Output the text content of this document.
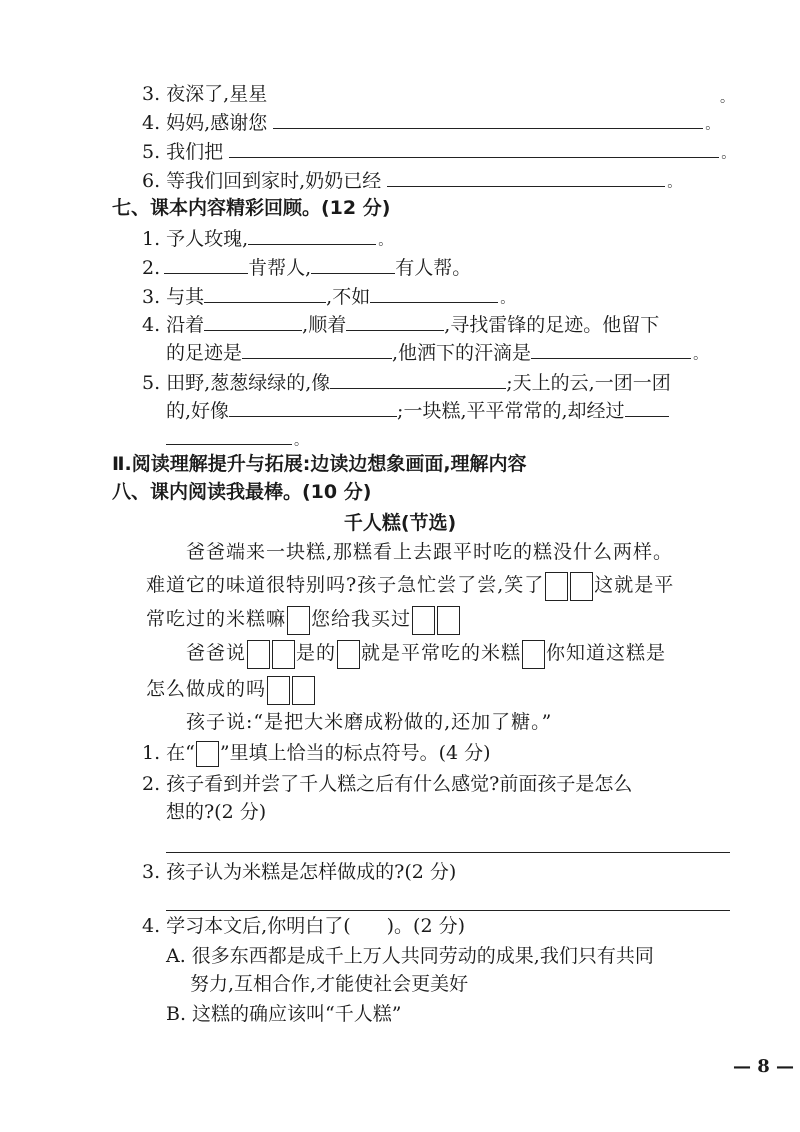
3. 夜深了,星星	。
4. 妈妈,感谢您	。
5. 我们把	。
6. 等我们回到家时,奶奶已经	。
七、课本内容精彩回顾。(12 分)
1. 予人玫瑰,	。
2.	肯帮人,	有人帮。
3. 与其	,不如	。
4. 沿着	,顺着	,寻找雷锋的足迹。他留下
的足迹是	,他洒下的汗滴是	。
5. 田野,葱葱绿绿的,像	;天上的云,一团一团
的,好像	;一块糕,平平常常的,却经过
。
Ⅱ.阅读理解提升与拓展:边读边想象画面,理解内容
八、课内阅读我最棒。(10 分)
千人糕(节选)
爸爸端来一块糕,那糕看上去跟平时吃的糕没什么两样。
难道它的味道很特别吗?孩子急忙尝了尝,笑了	这就是平
常吃过的米糕嘛 您给我买过
爸爸说	是的 就是平常吃的米糕 你知道这糕是
怎么做成的吗
孩子说:“是把大米磨成粉做的,还加了糖。”
1. 在“ ”里填上恰当的标点符号。(4 分)
2. 孩子看到并尝了千人糕之后有什么感觉?前面孩子是怎么
想的?(2 分)
3. 孩子认为米糕是怎样做成的?(2 分)
4. 学习本文后,你明白了( )。(2 分)
A. 很多东西都是成千上万人共同劳动的成果,我们只有共同
努力,互相合作,才能使社会更美好
B. 这糕的确应该叫“千人糕”
— 8 —
